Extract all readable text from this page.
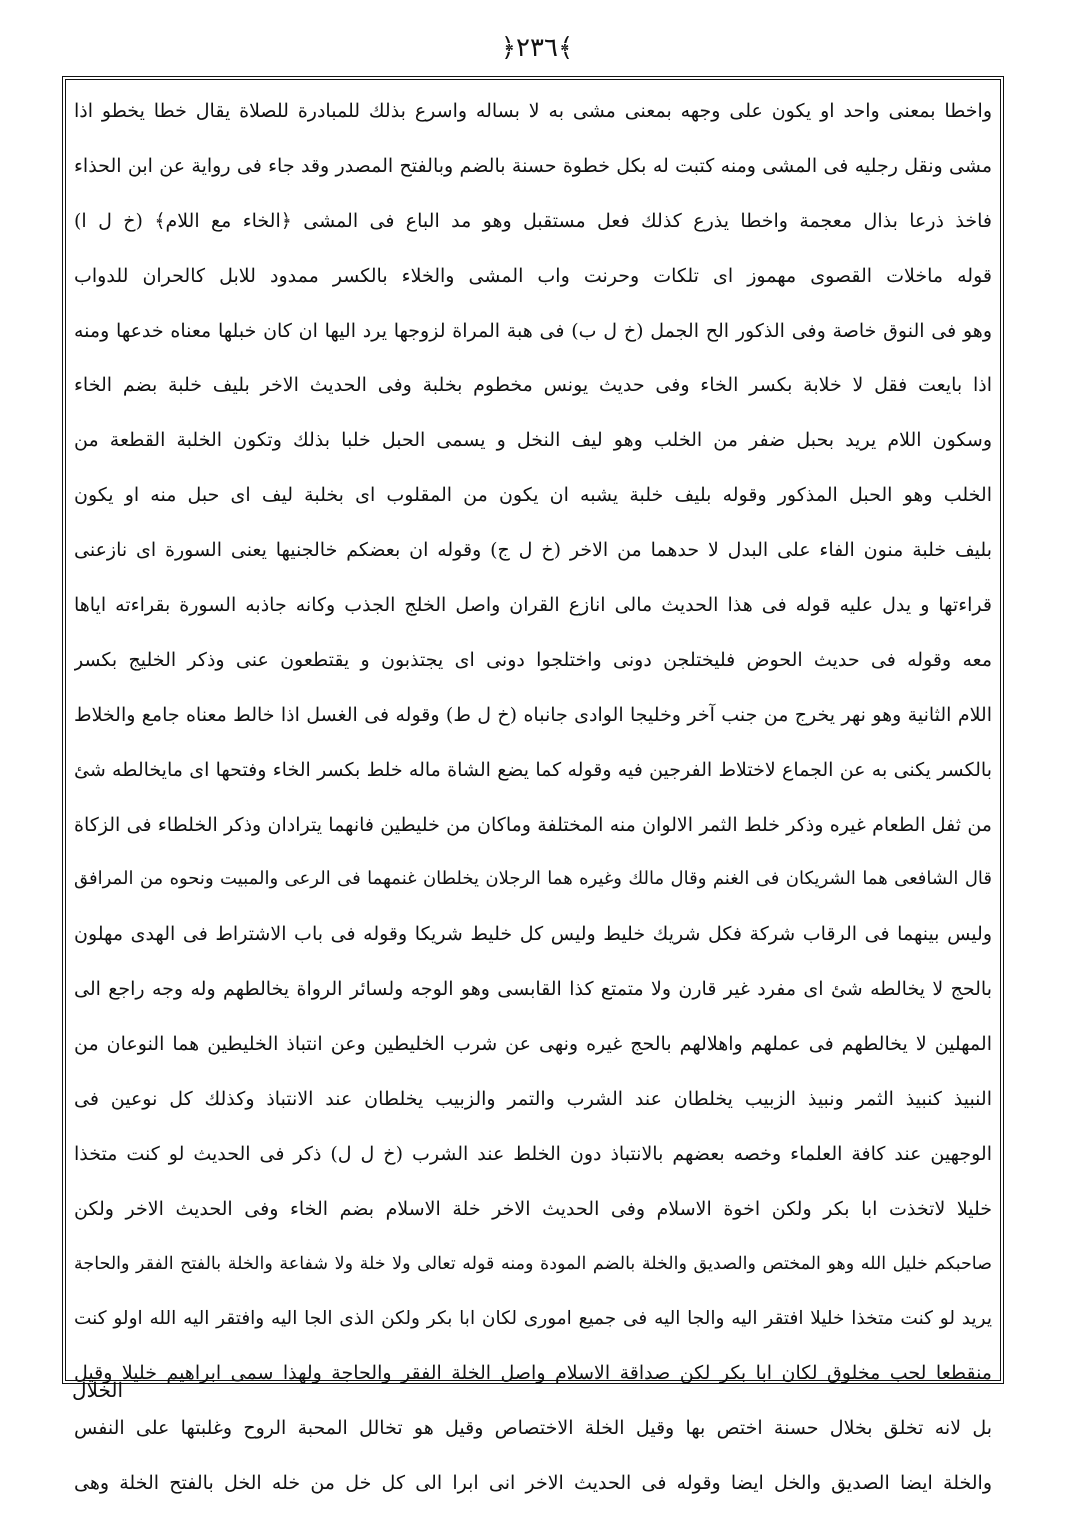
﴿٢٣٦﴾
واخطا بمعنى واحد او يكون على وجهه بمعنى مشى به لا بساله واسرع بذلك للمبادرة للصلاة يقال خطا يخطو اذا
مشى ونقل رجليه فى المشى ومنه كتبت له بكل خطوة حسنة بالضم وبالفتح المصدر وقد جاء فى رواية عن ابن الحذاء
فاخذ ذرعا بذال معجمة واخطا يذرع كذلك فعل مستقبل وهو مد الباع فى المشى ﴿الخاء مع اللام﴾ (خ ل ا)
قوله ماخلات القصوى مهموز اى تلكات وحرنت واب المشى والخلاء بالكسر ممدود للابل كالحران للدواب
وهو فى النوق خاصة وفى الذكور الح الجمل (خ ل ب) فى هبة المراة لزوجها يرد اليها ان كان خبلها معناه خدعها ومنه
اذا بايعت فقل لا خلابة بكسر الخاء وفى حديث يونس مخطوم بخلبة وفى الحديث الاخر بليف خلبة بضم الخاء
وسكون اللام يريد بحبل ضفر من الخلب وهو ليف النخل و يسمى الحبل خلبا بذلك وتكون الخلبة القطعة من
الخلب وهو الحبل المذكور وقوله بليف خلبة يشبه ان يكون من المقلوب اى بخلبة ليف اى حبل منه او يكون
بليف خلبة منون الفاء على البدل لا حدهما من الاخر (خ ل ج) وقوله ان بعضكم خالجنيها يعنى السورة اى نازعنى
قراءتها و يدل عليه قوله فى هذا الحديث مالى انازع القران واصل الخلج الجذب وكانه جاذبه السورة بقراءته اياها
معه وقوله فى حديث الحوض فليختلجن دونى واختلجوا دونى اى يجتذبون و يقتطعون عنى وذكر الخليج بكسر
اللام الثانية وهو نهر يخرج من جنب آخر وخليجا الوادى جانباه (خ ل ط) وقوله فى الغسل اذا خالط معناه جامع والخلاط
بالكسر يكنى به عن الجماع لاختلاط الفرجين فيه وقوله كما يضع الشاة ماله خلط بكسر الخاء وفتحها اى مايخالطه شئ
من ثفل الطعام غيره وذكر خلط الثمر الالوان منه المختلفة وماكان من خليطين فانهما يترادان وذكر الخلطاء فى الزكاة
قال الشافعى هما الشريكان فى الغنم وقال مالك وغيره هما الرجلان يخلطان غنمهما فى الرعى والمبيت ونحوه من المرافق
وليس بينهما فى الرقاب شركة فكل شريك خليط وليس كل خليط شريكا وقوله فى باب الاشتراط فى الهدى مهلون
بالحج لا يخالطه شئ اى مفرد غير قارن ولا متمتع كذا القابسى وهو الوجه ولسائر الرواة يخالطهم وله وجه راجع الى
المهلين لا يخالطهم فى عملهم واهلالهم بالحج غيره ونهى عن شرب الخليطين وعن انتباذ الخليطين هما النوعان من
النبيذ كنبيذ الثمر ونبيذ الزبيب يخلطان عند الشرب والتمر والزبيب يخلطان عند الانتباذ وكذلك كل نوعين فى
الوجهين عند كافة العلماء وخصه بعضهم بالانتباذ دون الخلط عند الشرب (خ ل ل) ذكر فى الحديث لو كنت متخذا
خليلا لاتخذت ابا بكر ولكن اخوة الاسلام وفى الحديث الاخر خلة الاسلام بضم الخاء وفى الحديث الاخر ولكن
صاحبكم خليل الله وهو المختص والصديق والخلة بالضم المودة ومنه قوله تعالى ولا خلة ولا شفاعة والخلة بالفتح الفقر والحاجة
يريد لو كنت متخذا خليلا افتقر اليه والجا اليه فى جميع امورى لكان ابا بكر ولكن الذى الجا اليه وافتقر اليه الله اولو كنت
منقطعا لحب مخلوق لكان ابا بكر لكن صداقة الاسلام واصل الخلة الفقر والحاجة ولهذا سمى ابراهيم خليلا وقيل
بل لانه تخلق بخلال حسنة اختص بها وقيل الخلة الاختصاص وقيل هو تخالل المحبة الروح وغلبتها على النفس
والخلة ايضا الصديق والخل ايضا وقوله فى الحديث الاخر انى ابرا الى كل خل من خله الخل بالفتح الخلة وهى
الخلال
